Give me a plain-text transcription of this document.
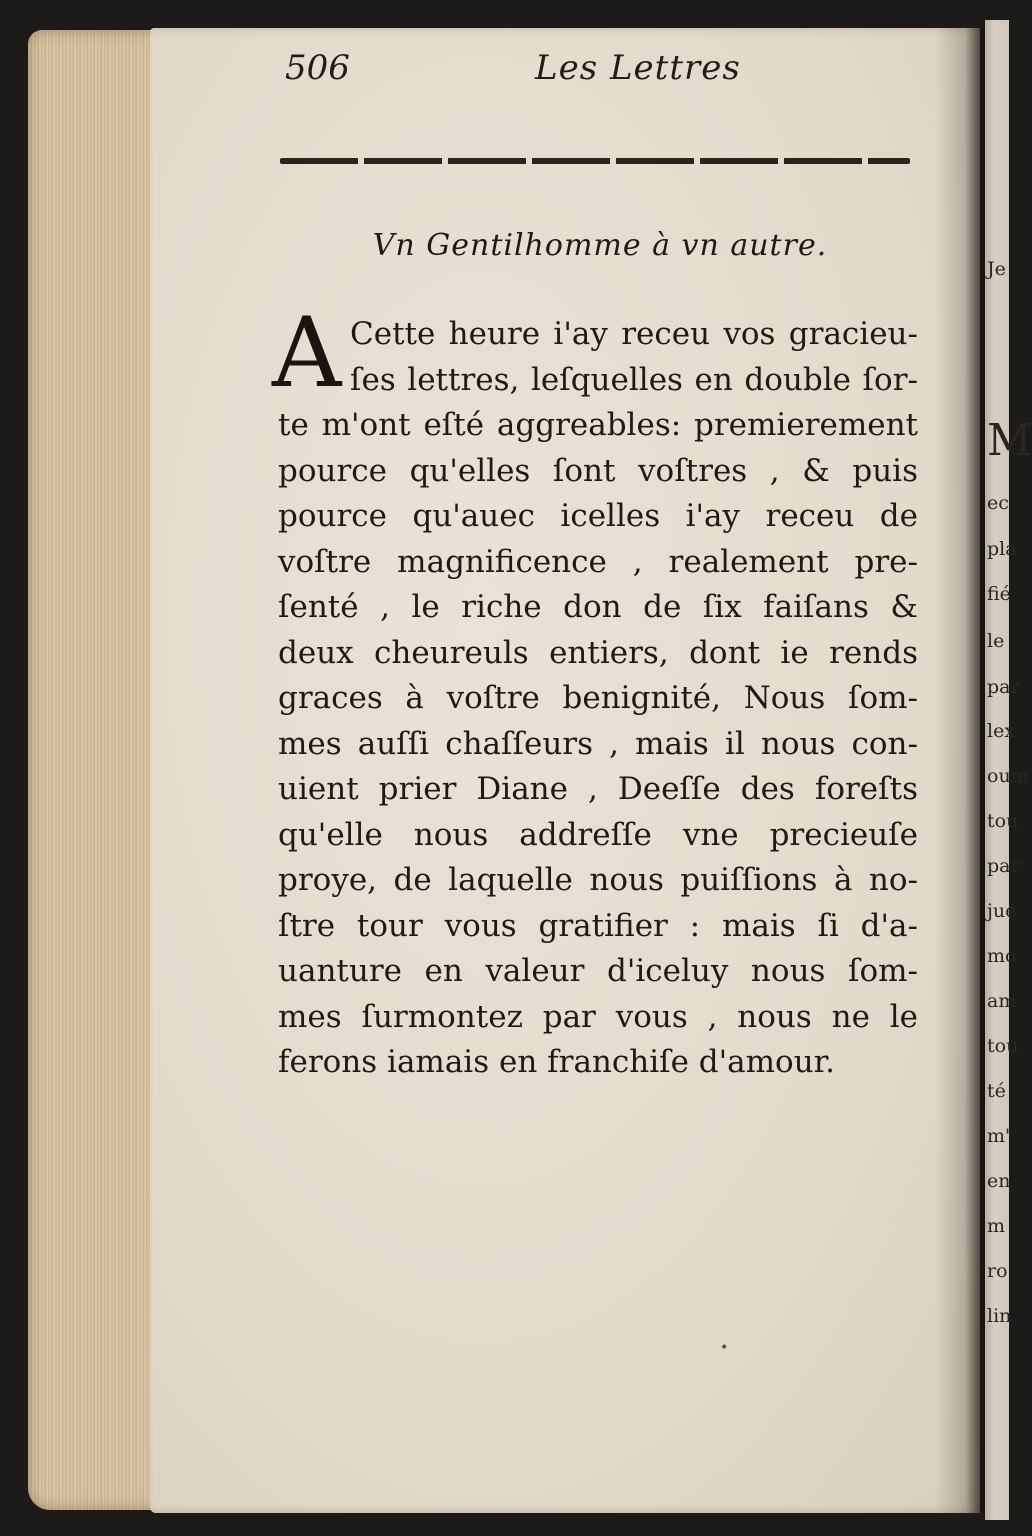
Je
M
ec
pla
fié
le
par
lex
oum
tou
par
jue
mo
am
tou
té
m'
en
m
ro
lin
506	Les Lettres
Vn Gentilhomme à vn autre.
A Cette heure i'ay receu vos gracieu-
ſes lettres, leſquelles en double ſor-
te m'ont eſté aggreables: premierement
pource qu'elles ſont voſtres , & puis
pource qu'auec icelles i'ay receu de
voſtre magnificence , realement pre-
ſenté , le riche don de ſix faiſans &
deux cheureuls entiers, dont ie rends
graces à voſtre benignité, Nous ſom-
mes auſſi chaſſeurs , mais il nous con-
uient prier Diane , Deeſſe des foreſts
qu'elle nous addreſſe vne precieuſe
proye, de laquelle nous puiſſions à no-
ſtre tour vous gratifier : mais ſi d'a-
uanture en valeur d'iceluy nous ſom-
mes ſurmontez par vous , nous ne le
ferons iamais en franchiſe d'amour.
•
